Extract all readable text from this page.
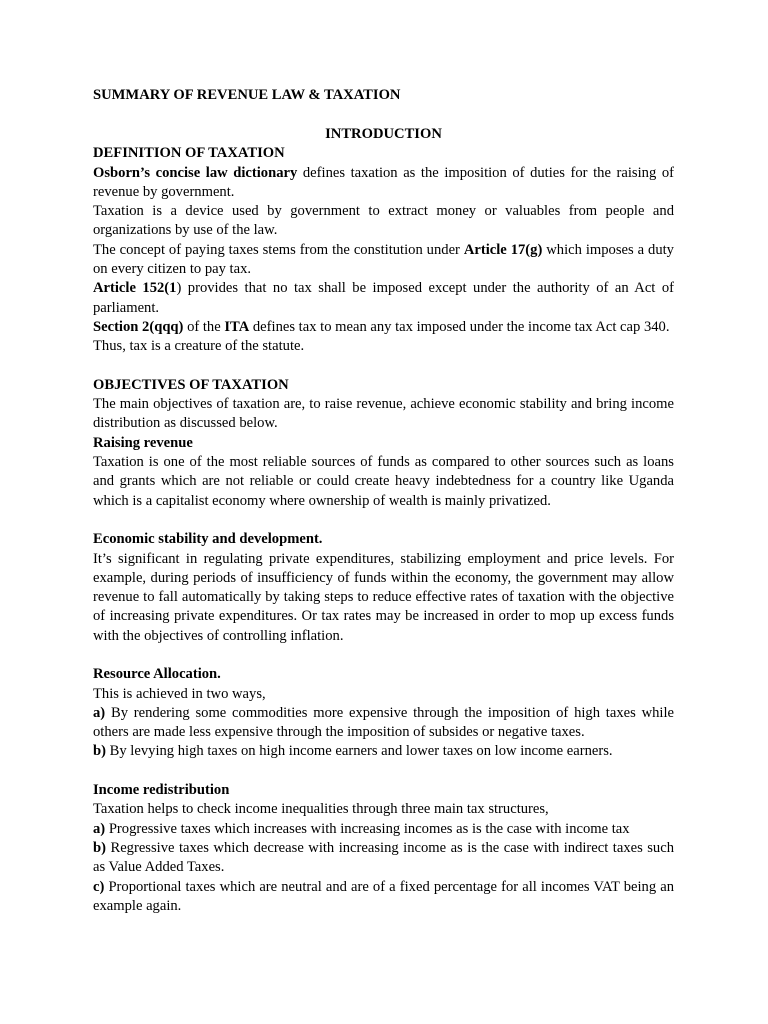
SUMMARY OF REVENUE LAW & TAXATION

INTRODUCTION

DEFINITION OF TAXATION

Osborn’s concise law dictionary defines taxation as the imposition of duties for the raising of revenue by government.

Taxation is a device used by government to extract money or valuables from people and organizations by use of the law.

The concept of paying taxes stems from the constitution under Article 17(g) which imposes a duty on every citizen to pay tax.

Article 152(1) provides that no tax shall be imposed except under the authority of an Act of parliament.

Section 2(qqq) of the ITA defines tax to mean any tax imposed under the income tax Act cap 340.

Thus, tax is a creature of the statute.

OBJECTIVES OF TAXATION

The main objectives of taxation are, to raise revenue, achieve economic stability and bring income distribution as discussed below.

Raising revenue

Taxation is one of the most reliable sources of funds as compared to other sources such as loans and grants which are not reliable or could create heavy indebtedness for a country like Uganda which is a capitalist economy where ownership of wealth is mainly privatized.

Economic stability and development.

It’s significant in regulating private expenditures, stabilizing employment and price levels. For example, during periods of insufficiency of funds within the economy, the government may allow revenue to fall automatically by taking steps to reduce effective rates of taxation with the objective of increasing private expenditures. Or tax rates may be increased in order to mop up excess funds with the objectives of controlling inflation.

Resource Allocation.

This is achieved in two ways,

a) By rendering some commodities more expensive through the imposition of high taxes while others are made less expensive through the imposition of subsides or negative taxes.

b) By levying high taxes on high income earners and lower taxes on low income earners.

Income redistribution

Taxation helps to check income inequalities through three main tax structures,

a) Progressive taxes which increases with increasing incomes as is the case with income tax

b) Regressive taxes which decrease with increasing income as is the case with indirect taxes such as Value Added Taxes.

c) Proportional taxes which are neutral and are of a fixed percentage for all incomes VAT being an example again.
